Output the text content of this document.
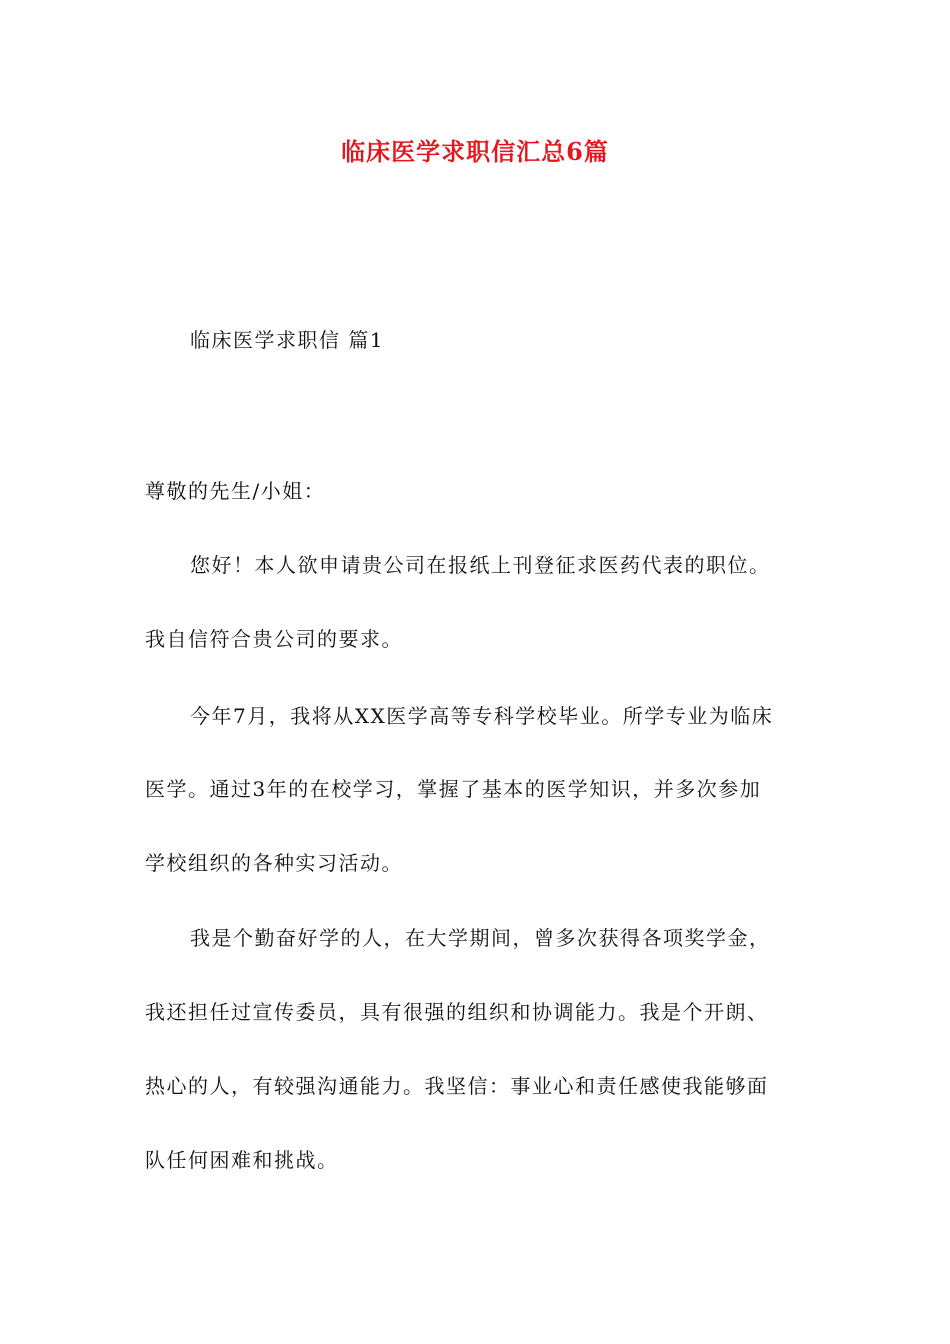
临床医学求职信汇总6篇
临床医学求职信 篇1
尊敬的先生/小姐：
您好！本人欲申请贵公司在报纸上刊登征求医药代表的职位。
我自信符合贵公司的要求。
今年7月，我将从XX医学高等专科学校毕业。所学专业为临床
医学。通过3年的在校学习，掌握了基本的医学知识，并多次参加
学校组织的各种实习活动。
我是个勤奋好学的人，在大学期间，曾多次获得各项奖学金，
我还担任过宣传委员，具有很强的组织和协调能力。我是个开朗、
热心的人，有较强沟通能力。我坚信：事业心和责任感使我能够面
队任何困难和挑战。
